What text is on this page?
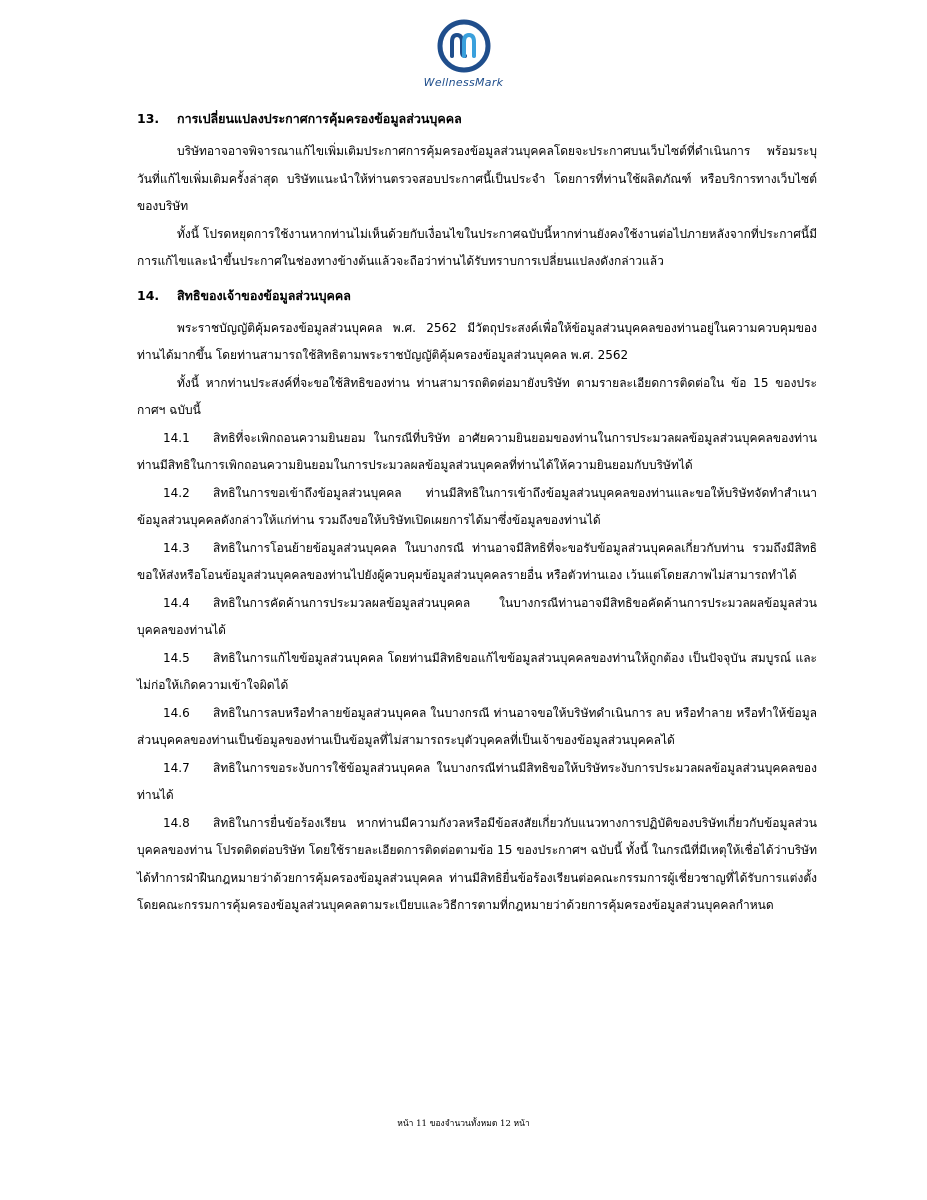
WellnessMark
13.	การเปลี่ยนแปลงประกาศการคุ้มครองข้อมูลส่วนบุคคล

บริษัทอาจอาจพิจารณาแก้ไขเพิ่มเติมประกาศการคุ้มครองข้อมูลส่วนบุคคลโดยจะประกาศบนเว็บไซต์ที่ดำเนินการ พร้อมระบุวันที่แก้ไขเพิ่มเติมครั้งล่าสุด บริษัทแนะนำให้ท่านตรวจสอบประกาศนี้เป็นประจำ โดยการที่ท่านใช้ผลิตภัณฑ์ หรือบริการทางเว็บไซต์ของบริษัท

ทั้งนี้ โปรดหยุดการใช้งานหากท่านไม่เห็นด้วยกับเงื่อนไขในประกาศฉบับนี้หากท่านยังคงใช้งานต่อไปภายหลังจากที่ประกาศนี้มีการแก้ไขและนำขึ้นประกาศในช่องทางข้างต้นแล้วจะถือว่าท่านได้รับทราบการเปลี่ยนแปลงดังกล่าวแล้ว

14.	สิทธิของเจ้าของข้อมูลส่วนบุคคล

พระราชบัญญัติคุ้มครองข้อมูลส่วนบุคคล พ.ศ. 2562 มีวัตถุประสงค์เพื่อให้ข้อมูลส่วนบุคคลของท่านอยู่ในความควบคุมของท่านได้มากขึ้น โดยท่านสามารถใช้สิทธิตามพระราชบัญญัติคุ้มครองข้อมูลส่วนบุคคล พ.ศ. 2562

ทั้งนี้ หากท่านประสงค์ที่จะขอใช้สิทธิของท่าน ท่านสามารถติดต่อมายังบริษัท ตามรายละเอียดการติดต่อใน ข้อ 15 ของประกาศฯ ฉบับนี้

14.1 สิทธิที่จะเพิกถอนความยินยอม ในกรณีที่บริษัท อาศัยความยินยอมของท่านในการประมวลผลข้อมูลส่วนบุคคลของท่าน ท่านมีสิทธิในการเพิกถอนความยินยอมในการประมวลผลข้อมูลส่วนบุคคลที่ท่านได้ให้ความยินยอมกับบริษัทได้

14.2 สิทธิในการขอเข้าถึงข้อมูลส่วนบุคคล ท่านมีสิทธิในการเข้าถึงข้อมูลส่วนบุคคลของท่านและขอให้บริษัทจัดทำสำเนาข้อมูลส่วนบุคคลดังกล่าวให้แก่ท่าน รวมถึงขอให้บริษัทเปิดเผยการได้มาซึ่งข้อมูลของท่านได้

14.3 สิทธิในการโอนย้ายข้อมูลส่วนบุคคล ในบางกรณี ท่านอาจมีสิทธิที่จะขอรับข้อมูลส่วนบุคคลเกี่ยวกับท่าน รวมถึงมีสิทธิขอให้ส่งหรือโอนข้อมูลส่วนบุคคลของท่านไปยังผู้ควบคุมข้อมูลส่วนบุคคลรายอื่น หรือตัวท่านเอง เว้นแต่โดยสภาพไม่สามารถทำได้

14.4 สิทธิในการคัดค้านการประมวลผลข้อมูลส่วนบุคคล ในบางกรณีท่านอาจมีสิทธิขอคัดค้านการประมวลผลข้อมูลส่วนบุคคลของท่านได้

14.5 สิทธิในการแก้ไขข้อมูลส่วนบุคคล โดยท่านมีสิทธิขอแก้ไขข้อมูลส่วนบุคคลของท่านให้ถูกต้อง เป็นปัจจุบัน สมบูรณ์ และไม่ก่อให้เกิดความเข้าใจผิดได้

14.6 สิทธิในการลบหรือทำลายข้อมูลส่วนบุคคล ในบางกรณี ท่านอาจขอให้บริษัทดำเนินการ ลบ หรือทำลาย หรือทำให้ข้อมูลส่วนบุคคลของท่านเป็นข้อมูลของท่านเป็นข้อมูลที่ไม่สามารถระบุตัวบุคคลที่เป็นเจ้าของข้อมูลส่วนบุคคลได้

14.7 สิทธิในการขอระงับการใช้ข้อมูลส่วนบุคคล ในบางกรณีท่านมีสิทธิขอให้บริษัทระงับการประมวลผลข้อมูลส่วนบุคคลของท่านได้

14.8 สิทธิในการยื่นข้อร้องเรียน หากท่านมีความกังวลหรือมีข้อสงสัยเกี่ยวกับแนวทางการปฏิบัติของบริษัทเกี่ยวกับข้อมูลส่วนบุคคลของท่าน โปรดติดต่อบริษัท โดยใช้รายละเอียดการติดต่อตามข้อ 15 ของประกาศฯ ฉบับนี้ ทั้งนี้ ในกรณีที่มีเหตุให้เชื่อได้ว่าบริษัทได้ทำการฝ่าฝืนกฎหมายว่าด้วยการคุ้มครองข้อมูลส่วนบุคคล ท่านมีสิทธิยื่นข้อร้องเรียนต่อคณะกรรมการผู้เชี่ยวชาญที่ได้รับการแต่งตั้งโดยคณะกรรมการคุ้มครองข้อมูลส่วนบุคคลตามระเบียบและวิธีการตามที่กฎหมายว่าด้วยการคุ้มครองข้อมูลส่วนบุคคลกำหนด

หน้า 11 ของจำนวนทั้งหมด 12 หน้า
